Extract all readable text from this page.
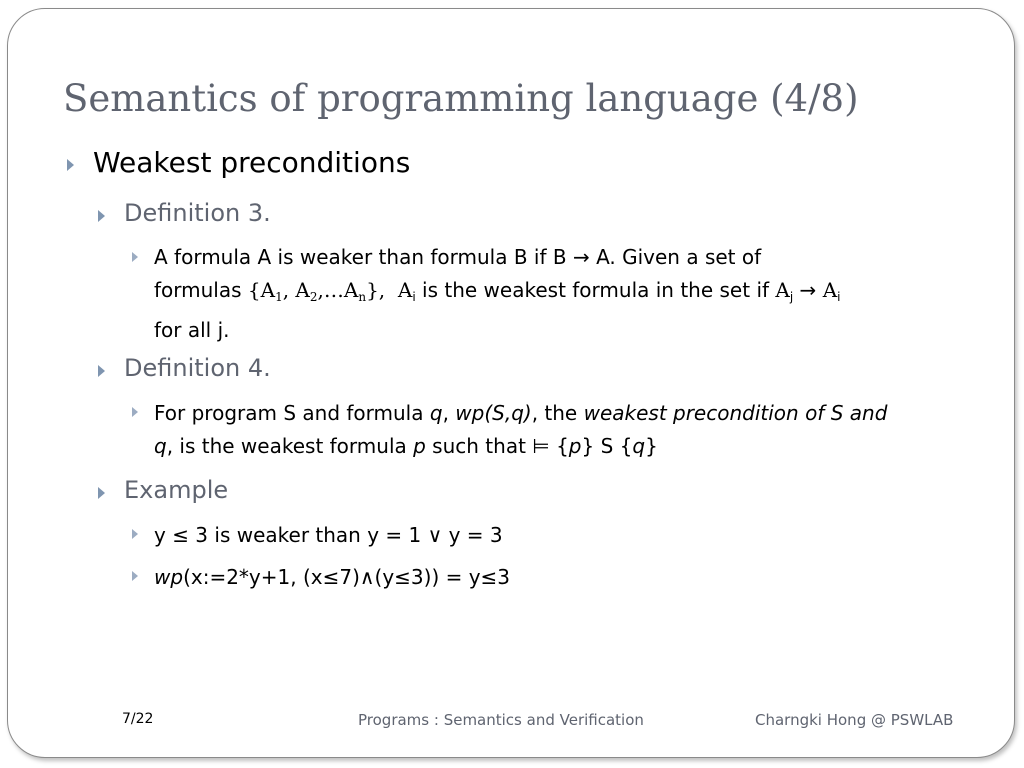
Semantics of programming language (4/8)
Weakest preconditions
Definition 3.
A formula A is weaker than formula B if B → A. Given a set of
formulas {$A_1$, $A_2,\dots A_n$}, $A_i$ is the weakest formula in the set if $A_j \to A_i$
for all j.
Definition 4.
For program S and formula q, wp(S,q), the weakest precondition of S and
q, is the weakest formula p such that ⊨ {p} S {q}
Example
y ≤ 3 is weaker than y = 1 ∨ y = 3
wp(x:=2*y+1, (x≤7)∧(y≤3)) = y≤3
7/22	Programs : Semantics and Verification	Charngki Hong @ PSWLAB
